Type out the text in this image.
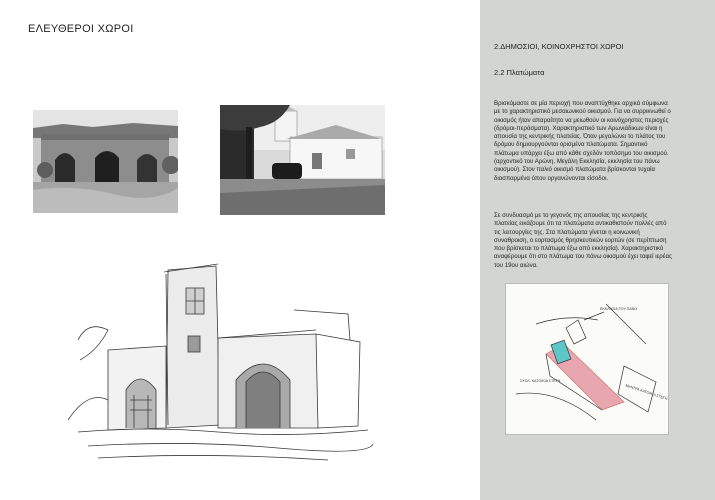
ΕΛΕΥΘΕΡΟΙ ΧΩΡΟΙ
2.ΔΗΜΟΣΙΟΙ, ΚΟΙΝΟΧΡΗΣΤΟΙ ΧΩΡΟΙ
2.2 Πλατώματα

Βρισκόμαστε σε μία περιοχή που αναπτύχθηκε αρχικά σύμφωνα με το χαρακτηριστικό μεσαιωνικού οικισμού. Για να συρρικνωθεί ο οικισμός ήταν απαραίτητο να μειωθούν οι κοινόχρηστες περιοχές (δρόμοι-περάσματα). Χαρακτηριστικό των Αρωνιάδικων είναι η απουσία της κεντρικής πλατείας. Όταν μεγαλώνει το πλάτος του δρόμου δημιουργούνται ορισμένα πλατώματα. Σημαντικό πλάτωμα υπάρχει έξω από κάθε σχεδόν τοπόσημο του οικισμού. (αρχοντικό του Αρώνη, Μεγάλη Εκκλησία, εκκλησία του πάνω οικισμού). Στον παλιό οικισμό πλατώματα βρίσκονται τυχαία διασπαρμένα όπου οργανώνονται είσοδοι.

Σε συνδυασμό με το γεγονός της απουσίας της κεντρικής πλατείας εικάζουμε ότι τα πλατώματα αντικαθιστούν πολλές από τις λειτουργίες της. Στα πλατώματα γίνεται η κοινωνική συναθροιση, ο εορτασμός θρησκευτικών εορτών (σε περίπτωση που βρίσκεται το πλάτωμα έξω από εκκλησία). Χαρακτηριστικό αναφέρουμε ότι στο πλάτωμα του πάνω οικισμού έχει ταφεί ιερέας του 19ου αιώνα.

ΕΚΚΛΗΣΙΑ ΤΟΥ ΠΑΝΩ
ΣΧΟΛ. ΚΑΤΟΙΚΙΑ ΣΤΕΓΗ
ΜΑΝΤΡΑ ΚΑΤΟΙΚΙΑ ΣΤΕΓΗ
